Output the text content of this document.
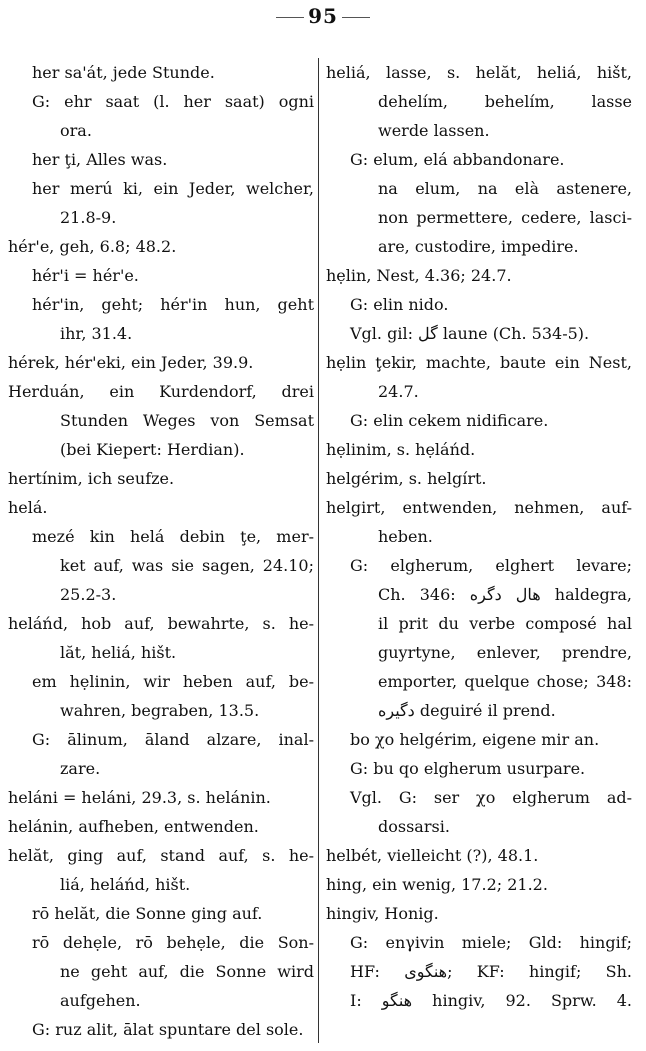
95
her sa'át, jede Stunde.
G: ehr saat (l. her saat) ogni
ora.
her ţi, Alles was.
her merú ki, ein Jeder, welcher,
21.8-9.
hér'e, geh, 6.8; 48.2.
hér'i = hér'e.
hér'in, geht; hér'in hun, geht
ihr, 31.4.
hérek, hér'eki, ein Jeder, 39.9.
Herduán, ein Kurdendorf, drei
Stunden Weges von Semsat
(bei Kiepert: Herdian).
hertínim, ich seufze.
helá.
mezé kin helá debin ţe, mer-
ket auf, was sie sagen, 24.10;
25.2-3.
heláńd, hob auf, bewahrte, s. he-
lăt, heliá, hišt.
em hẹlinin, wir heben auf, be-
wahren, begraben, 13.5.
G: ālinum, āland alzare, inal-
zare.
heláni = heláni, 29.3, s. helánin.
helánin, aufheben, entwenden.
helăt, ging auf, stand auf, s. he-
liá, heláńd, hišt.
rō helăt, die Sonne ging auf.
rō dehẹle, rō behẹle, die Son-
ne geht auf, die Sonne wird
aufgehen.
G: ruz alit, ālat spuntare del sole.
heliá, lasse, s. helăt, heliá, hišt,
dehelím, behelím, lasse
werde lassen.
G: elum, elá abbandonare.
na elum, na elà astenere,
non permettere, cedere, lasci-
are, custodire, impedire.
hẹlin, Nest, 4.36; 24.7.
G: elin nido.
Vgl. gil: گل laune (Ch. 534-5).
hẹlin ţekir, machte, baute ein Nest,
24.7.
G: elin cekem nidificare.
hẹlinim, s. hẹláńd.
helgérim, s. helgírt.
helgirt, entwenden, nehmen, auf-
heben.
G: elgherum, elghert levare;
Ch. 346: هال دگره haldegra,
il prit du verbe composé hal
guyrtyne, enlever, prendre,
emporter, quelque chose; 348:
دگیره deguiré il prend.
bo χo helgérim, eigene mir an.
G: bu qo elgherum usurpare.
Vgl. G: ser χo elgherum ad-
dossarsi.
helbét, vielleicht (?), 48.1.
hing, ein wenig, 17.2; 21.2.
hingiv, Honig.
G: enγivin miele; Gld: hingif;
HF: هنگوی; KF: hingif; Sh.
I: هنگو hingiv, 92. Sprw. 4.
